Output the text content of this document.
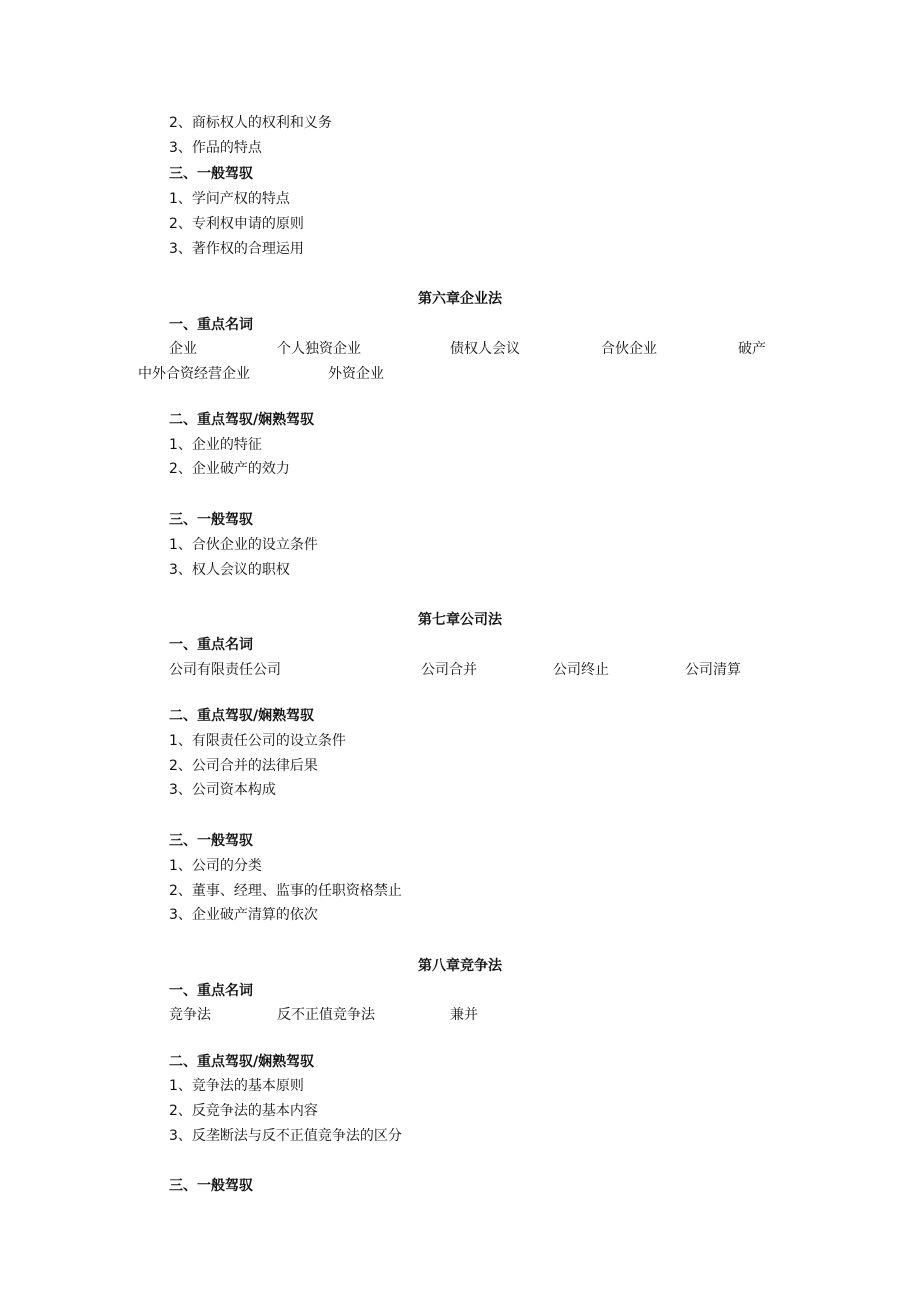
2、商标权人的权利和义务
3、作品的特点
三、一般驾驭
1、学问产权的特点
2、专利权申请的原则
3、著作权的合理运用
第六章企业法
一、重点名词
企业	个人独资企业	债权人会议	合伙企业	破产
中外合资经营企业	外资企业
二、重点驾驭/娴熟驾驭
1、企业的特征
2、企业破产的效力
三、一般驾驭
1、合伙企业的设立条件
3、权人会议的职权
第七章公司法
一、重点名词
公司有限责任公司	公司合并	公司终止	公司清算
二、重点驾驭/娴熟驾驭
1、有限责任公司的设立条件
2、公司合并的法律后果
3、公司资本构成
三、一般驾驭
1、公司的分类
2、董事、经理、监事的任职资格禁止
3、企业破产清算的依次
第八章竞争法
一、重点名词
竞争法	反不正值竞争法	兼并
二、重点驾驭/娴熟驾驭
1、竞争法的基本原则
2、反竞争法的基本内容
3、反垄断法与反不正值竞争法的区分
三、一般驾驭
